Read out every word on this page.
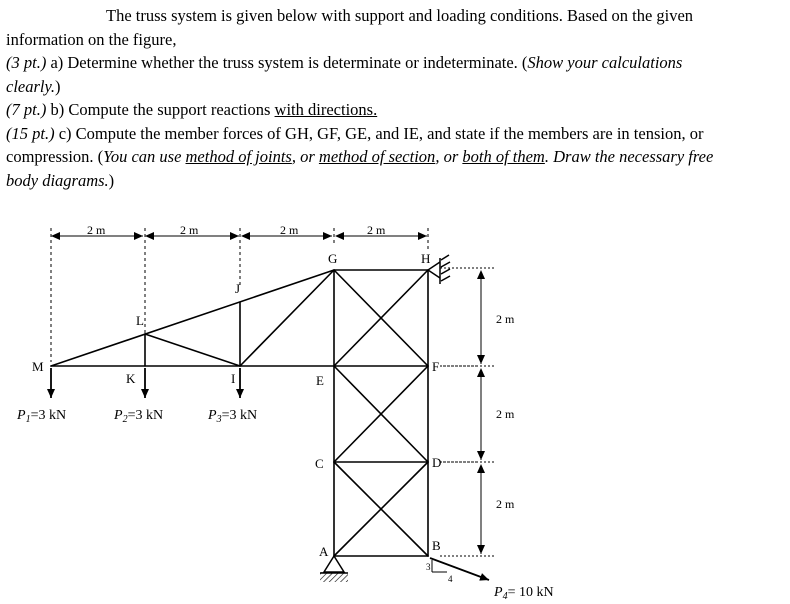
The truss system is given below with support and loading conditions. Based on the given
information on the figure,
(3 pt.) a) Determine whether the truss system is determinate or indeterminate. (Show your calculations
clearly.)
(7 pt.) b) Compute the support reactions with directions.
(15 pt.) c) Compute the member forces of GH, GF, GE, and IE, and state if the members are in tension, or
compression. (You can use method of joints, or method of section, or both of them. Draw the necessary free
body diagrams.)
2 m	2 m	2 m	2 m
2 m
2 m
2 m
G	H
J
L
M
K	I	E
F
C	D
A	B
$P_1=3$ kN	$P_2=3$ kN	$P_3=3$ kN
3
4
$P_4= 10$ kN
